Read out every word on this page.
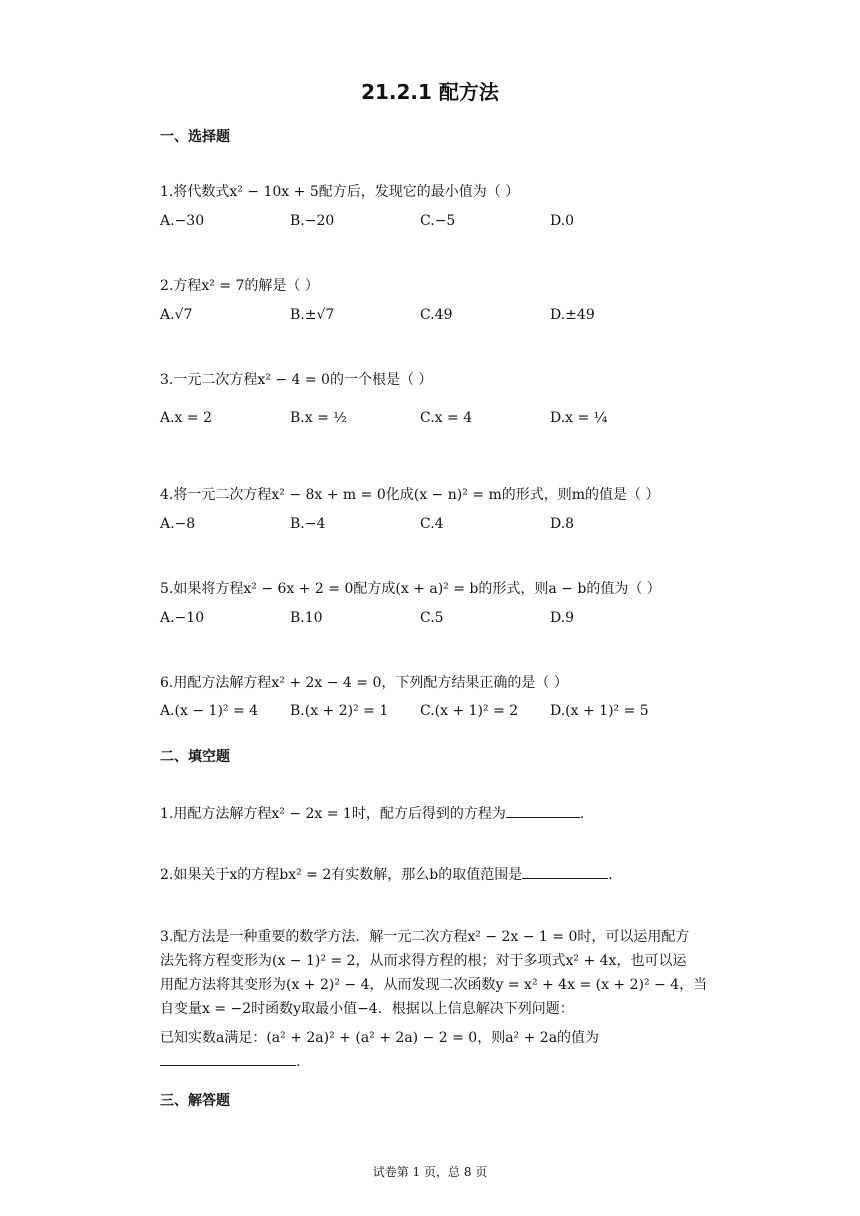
21.2.1 配方法
一、选择题
1.将代数式x² − 10x + 5配方后，发现它的最小值为（ ）
A.−30	B.−20	C.−5	D.0
2.方程x² = 7的解是（ ）
A.√7	B.±√7	C.49	D.±49
3.一元二次方程x² − 4 = 0的一个根是（ ）
A.x = 2	B.x = ½	C.x = 4	D.x = ¼
4.将一元二次方程x² − 8x + m = 0化成(x − n)² = m的形式，则m的值是（ ）
A.−8	B.−4	C.4	D.8
5.如果将方程x² − 6x + 2 = 0配方成(x + a)² = b的形式，则a − b的值为（ ）
A.−10	B.10	C.5	D.9
6.用配方法解方程x² + 2x − 4 = 0，下列配方结果正确的是（ ）
A.(x − 1)² = 4 B.(x + 2)² = 1 C.(x + 1)² = 2 D.(x + 1)² = 5
二、填空题
1.用配方法解方程x² − 2x = 1时，配方后得到的方程为	.
2.如果关于x的方程bx² = 2有实数解，那么b的取值范围是	.
3.配方法是一种重要的数学方法．解一元二次方程x² − 2x − 1 = 0时，可以运用配方
法先将方程变形为(x − 1)² = 2，从而求得方程的根；对于多项式x² + 4x，也可以运
用配方法将其变形为(x + 2)² − 4，从而发现二次函数y = x² + 4x = (x + 2)² − 4，当
自变量x = −2时函数y取最小值−4．根据以上信息解决下列问题：
已知实数a满足：(a² + 2a)² + (a² + 2a) − 2 = 0，则a² + 2a的值为
.
三、解答题
试卷第 1 页，总 8 页
